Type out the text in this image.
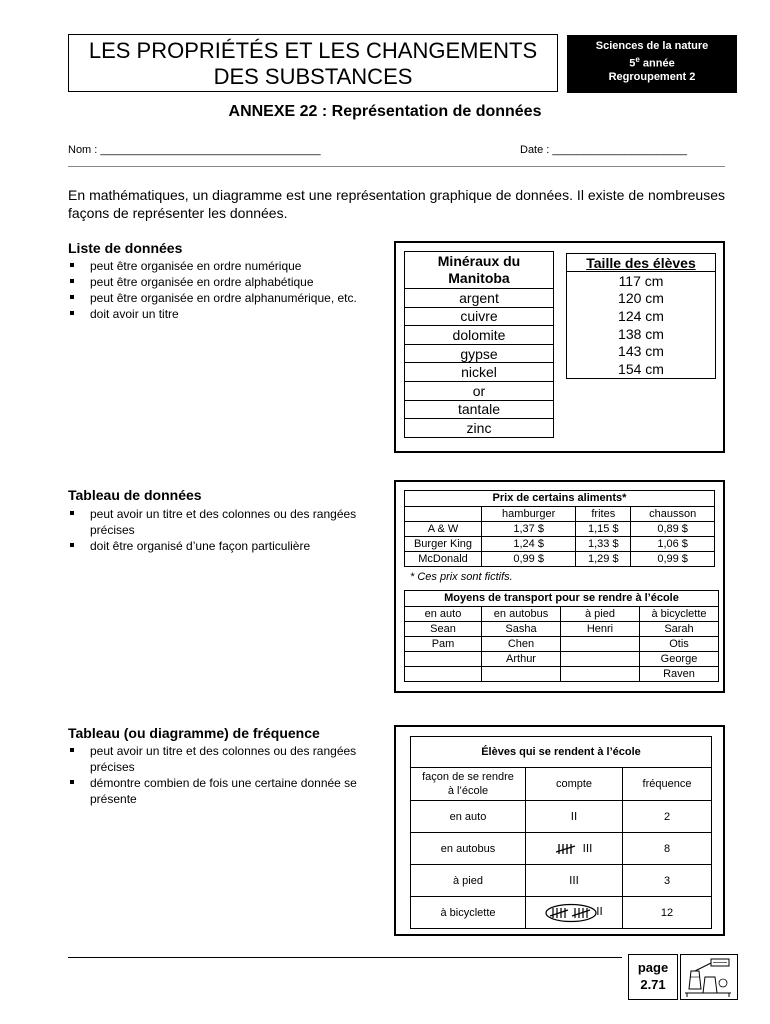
LES PROPRIÉTÉS ET LES CHANGEMENTS
DES SUBSTANCES
Sciences de la nature
5e année
Regroupement 2
ANNEXE 22 : Représentation de données
Nom : ____________________________________	Date : ______________________
En mathématiques, un diagramme est une représentation graphique de données. Il existe de nombreuses façons de représenter les données.
Liste de données
peut être organisée en ordre numérique
peut être organisée en ordre alphabétique
peut être organisée en ordre alphanumérique, etc.
doit avoir un titre
Minéraux du
Manitoba

argent
cuivre
dolomite
gypse
nickel
or
tantale
zinc
Taille des élèves
117 cm
120 cm
124 cm
138 cm
143 cm
154 cm
Tableau de données
peut avoir un titre et des colonnes ou des rangées précises
doit être organisé d’une façon particulière
Prix de certains aliments*			
	hamburger	frites	chausson
A & W	1,37 $	1,15 $	0,89 $
Burger King	1,24 $	1,33 $	1,06 $
McDonald	0,99 $	1,29 $	0,99 $
* Ces prix sont fictifs.
Moyens de transport pour se rendre à l’école			
en auto	en autobus	à pied	à bicyclette
Sean	Sasha	Henri	Sarah
Pam	Chen		Otis
	Arthur		George
			Raven
Tableau (ou diagramme) de fréquence
peut avoir un titre et des colonnes ou des rangées précises
démontre combien de fois une certaine donnée se présente
Élèves qui se rendent à l’école		

façon de se rendre
à l’école	compte	fréquence
en auto	II	2
en autobus	III	8
à pied	III	3
à bicyclette	II	12
page
2.71
